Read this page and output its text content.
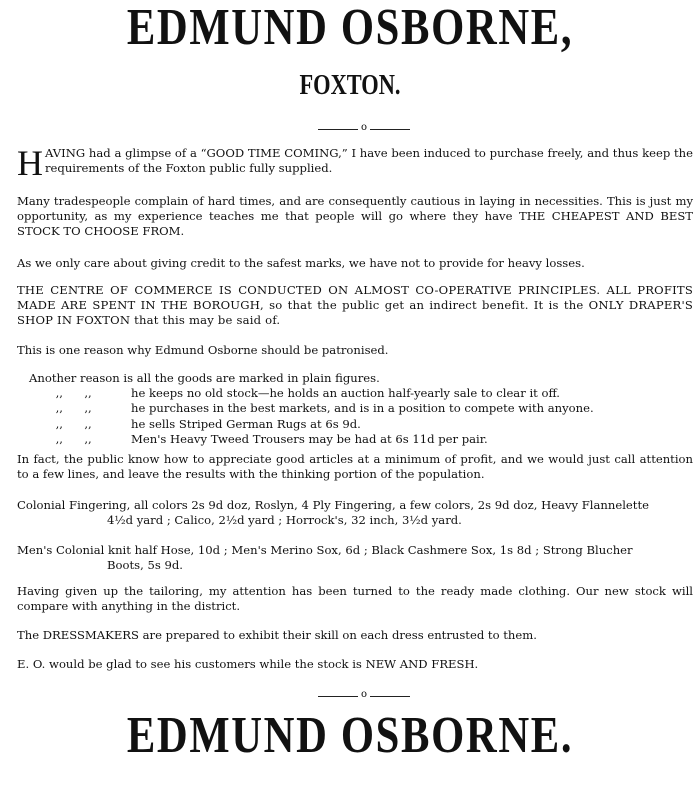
EDMUND OSBORNE,
FOXTON.
o
HAVING had a glimpse of a “GOOD TIME COMING,” I have been induced to purchase freely, and thus keep the requirements of the Foxton public fully supplied.
Many tradespeople complain of hard times, and are consequently cautious in laying in necessities. This is just my opportunity, as my experience teaches me that people will go where they have THE CHEAPEST AND BEST STOCK TO CHOOSE FROM.
As we only care about giving credit to the safest marks, we have not to provide for heavy losses.
THE CENTRE OF COMMERCE IS CONDUCTED ON ALMOST CO-OPERATIVE PRINCIPLES. ALL PROFITS MADE ARE SPENT IN THE BOROUGH, so that the public get an indirect benefit. It is the ONLY DRAPER'S SHOP IN FOXTON that this may be said of.
This is one reason why Edmund Osborne should be patronised.
Another reason is all the goods are marked in plain figures.
,,	,,	he keeps no old stock—he holds an auction half-yearly sale to clear it off.
,,	,,	he purchases in the best markets, and is in a position to compete with anyone.
,,	,,	he sells Striped German Rugs at 6s 9d.
,,	,,	Men's Heavy Tweed Trousers may be had at 6s 11d per pair.
In fact, the public know how to appreciate good articles at a minimum of profit, and we would just call attention to a few lines, and leave the results with the thinking portion of the population.
Colonial Fingering, all colors 2s 9d doz, Roslyn, 4 Ply Fingering, a few colors, 2s 9d doz, Heavy Flannelette
4½d yard ; Calico, 2½d yard ; Horrock's, 32 inch, 3½d yard.
Men's Colonial knit half Hose, 10d ; Men's Merino Sox, 6d ; Black Cashmere Sox, 1s 8d ; Strong Blucher
Boots, 5s 9d.
Having given up the tailoring, my attention has been turned to the ready made clothing. Our new stock will compare with anything in the district.
The DRESSMAKERS are prepared to exhibit their skill on each dress entrusted to them.
E. O. would be glad to see his customers while the stock is NEW AND FRESH.
o
EDMUND OSBORNE.
